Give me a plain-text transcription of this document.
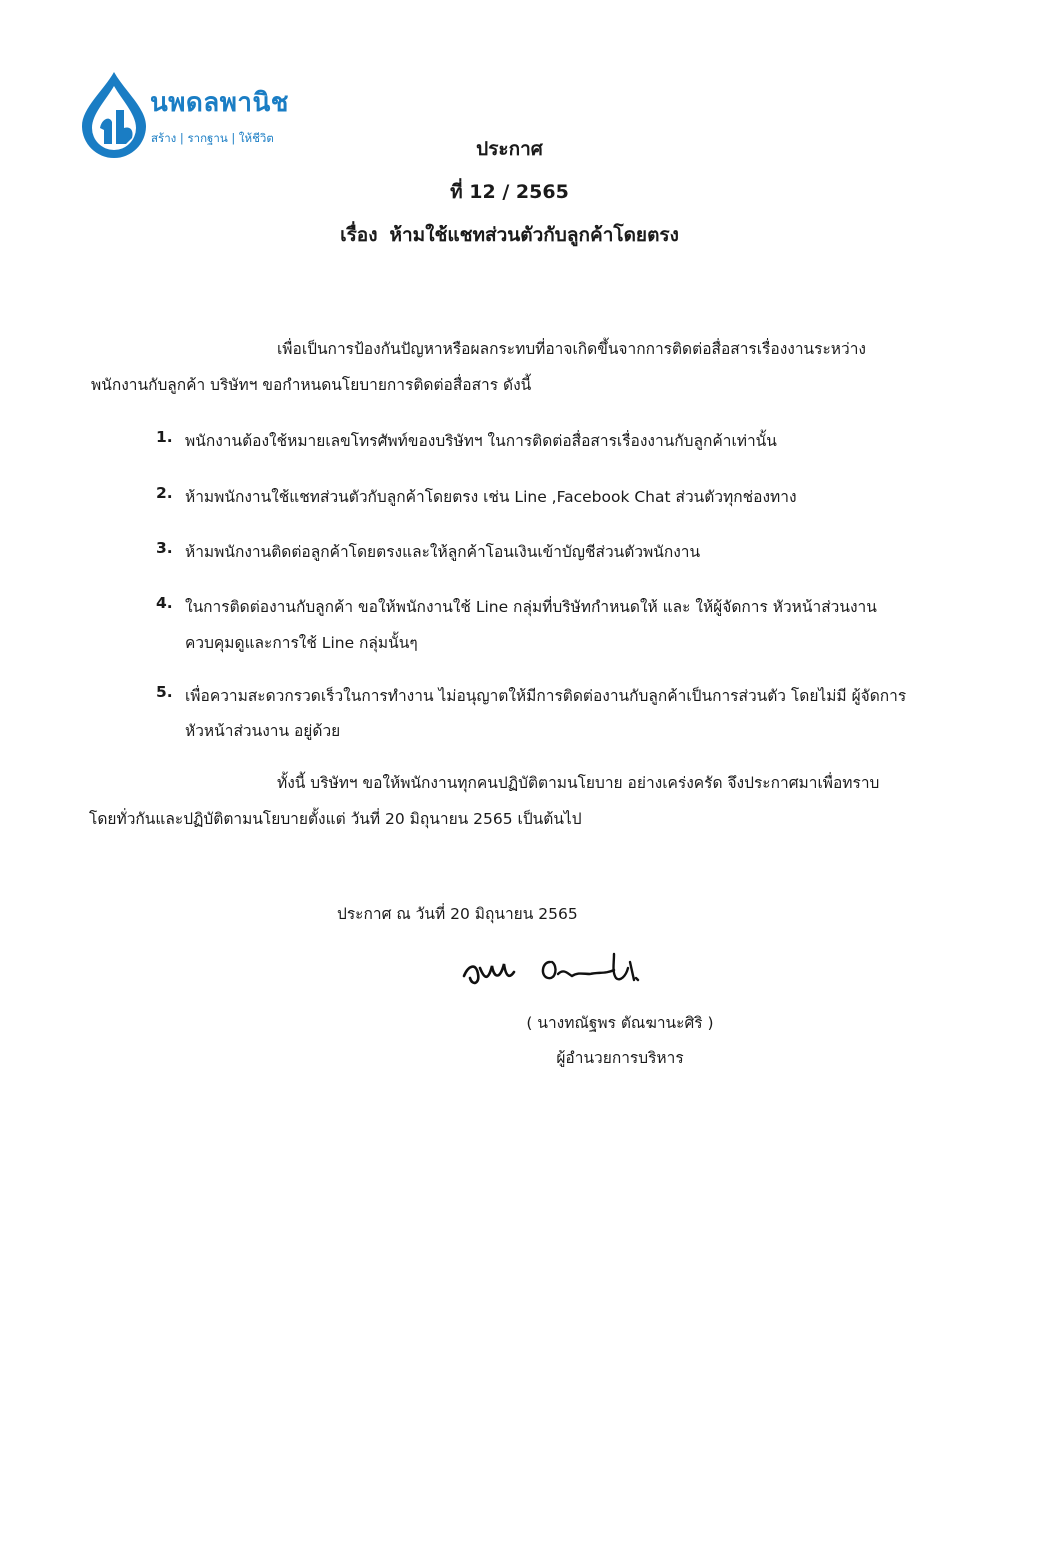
นพดลพานิช
สร้าง | รากฐาน | ให้ชีวิต	ประกาศ
ที่ 12 / 2565
เรื่อง ห้ามใช้แชทส่วนตัวกับลูกค้าโดยตรง
เพื่อเป็นการป้องกันปัญหาหรือผลกระทบที่อาจเกิดขึ้นจากการติดต่อสื่อสารเรื่องงานระหว่าง
พนักงานกับลูกค้า บริษัทฯ ขอกำหนดนโยบายการติดต่อสื่อสาร ดังนี้
1. พนักงานต้องใช้หมายเลขโทรศัพท์ของบริษัทฯ ในการติดต่อสื่อสารเรื่องงานกับลูกค้าเท่านั้น
2. ห้ามพนักงานใช้แชทส่วนตัวกับลูกค้าโดยตรง เช่น Line ,Facebook Chat ส่วนตัวทุกช่องทาง
3. ห้ามพนักงานติดต่อลูกค้าโดยตรงและให้ลูกค้าโอนเงินเข้าบัญชีส่วนตัวพนักงาน
4. ในการติดต่องานกับลูกค้า ขอให้พนักงานใช้ Line กลุ่มที่บริษัทกำหนดให้ และ ให้ผู้จัดการ หัวหน้าส่วนงาน
ควบคุมดูและการใช้ Line กลุ่มนั้นๆ
5. เพื่อความสะดวกรวดเร็วในการทำงาน ไม่อนุญาตให้มีการติดต่องานกับลูกค้าเป็นการส่วนตัว โดยไม่มี ผู้จัดการ
หัวหน้าส่วนงาน อยู่ด้วย
ทั้งนี้ บริษัทฯ ขอให้พนักงานทุกคนปฏิบัติตามนโยบาย อย่างเคร่งครัด จึงประกาศมาเพื่อทราบ
โดยทั่วกันและปฏิบัติตามนโยบายตั้งแต่ วันที่ 20 มิถุนายน 2565 เป็นต้นไป
ประกาศ ณ วันที่ 20 มิถุนายน 2565
( นางทณัฐพร ตัณฆานะศิริ )
ผู้อำนวยการบริหาร
